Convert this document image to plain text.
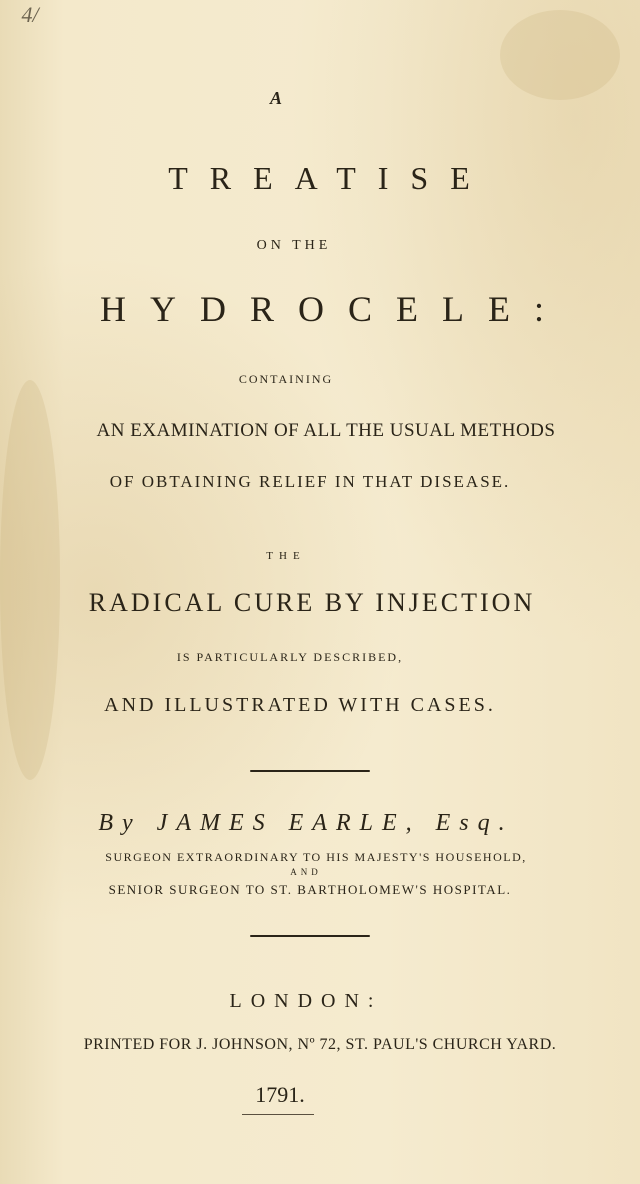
4/
A
TREATISE
ON THE
HYDROCELE:
CONTAINING
AN EXAMINATION OF ALL THE USUAL METHODS
OF OBTAINING RELIEF IN THAT DISEASE.
THE
RADICAL CURE BY INJECTION
IS PARTICULARLY DESCRIBED,
AND ILLUSTRATED WITH CASES.
By JAMES EARLE, Esq.
SURGEON EXTRAORDINARY TO HIS MAJESTY'S HOUSEHOLD,
AND
SENIOR SURGEON TO ST. BARTHOLOMEW'S HOSPITAL.
LONDON:
PRINTED FOR J. JOHNSON, Nº 72, ST. PAUL'S CHURCH YARD.
1791.
